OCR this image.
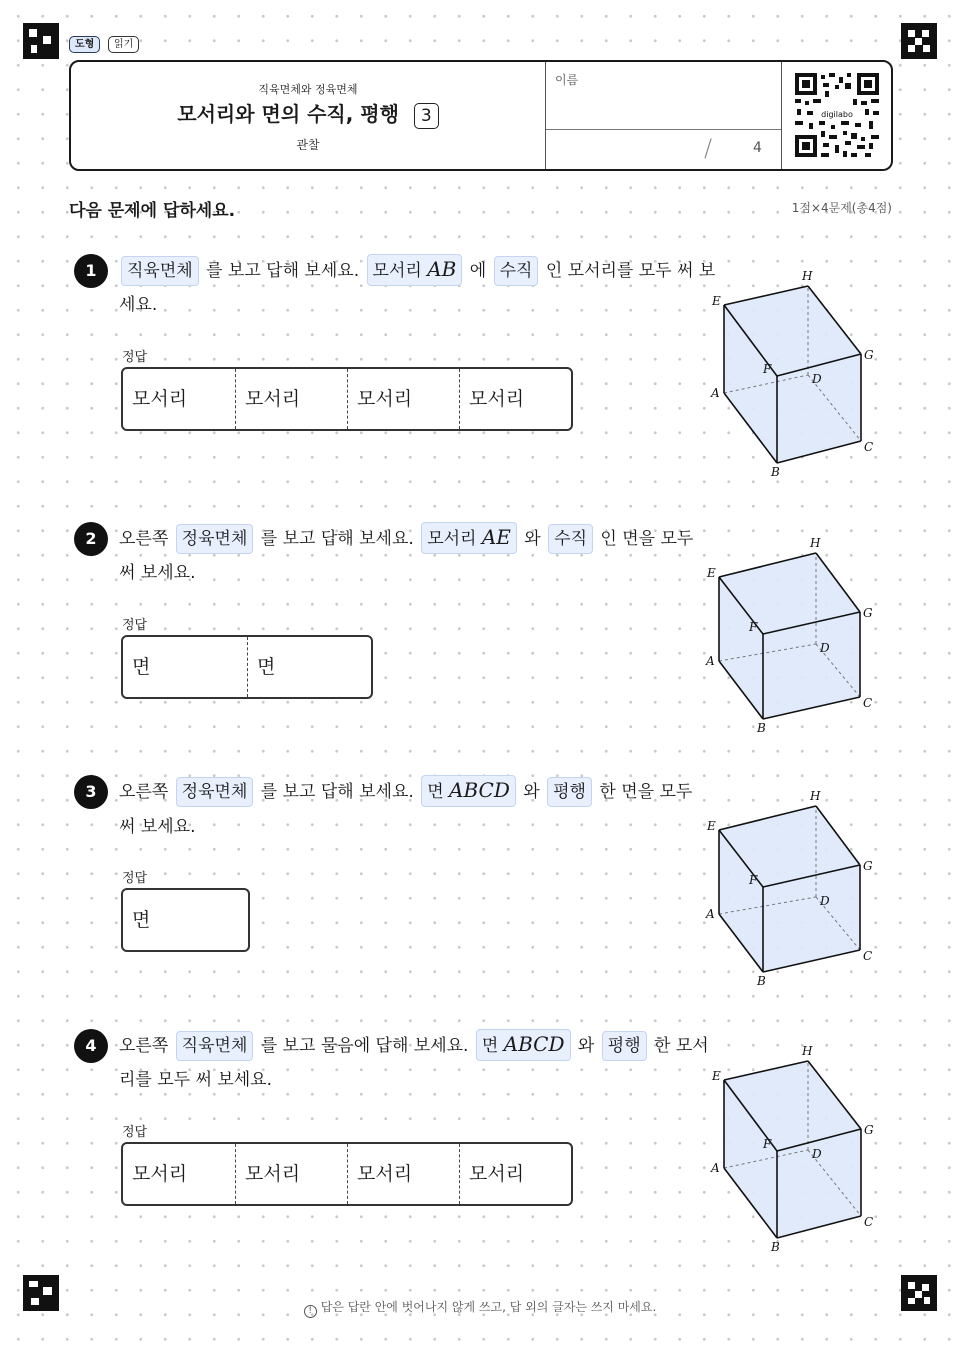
도형	읽기
직육면체와 정육면체
모서리와 면의 수직, 평행 3
관찰
이름
/	4
digilabo
다음 문제에 답하세요.	1점×4문제(총4점)
1	직육면체 를 보고 답해 보세요. 모서리 AB 에 수직 인 모서리를 모두 써 보
세요.
정답
모서리	모서리	모서리	모서리
2	오른쪽 정육면체 를 보고 답해 보세요. 모서리 AE 와 수직 인 면을 모두
써 보세요.
정답
면	면
3	오른쪽 정육면체 를 보고 답해 보세요. 면 ABCD 와 평행 한 면을 모두
써 보세요.
정답
면
4	오른쪽 직육면체 를 보고 물음에 답해 보세요. 면 ABCD 와 평행 한 모서
리를 모두 써 보세요.
정답
모서리	모서리	모서리	모서리
A
B
C
D
E
F
G
H
A
B
C
D
E
F
G
H
A
B
C
D
E
F
G
H
A
B
C
D
E
F
G
H
! 답은 답란 안에 벗어나지 않게 쓰고, 답 외의 글자는 쓰지 마세요.
